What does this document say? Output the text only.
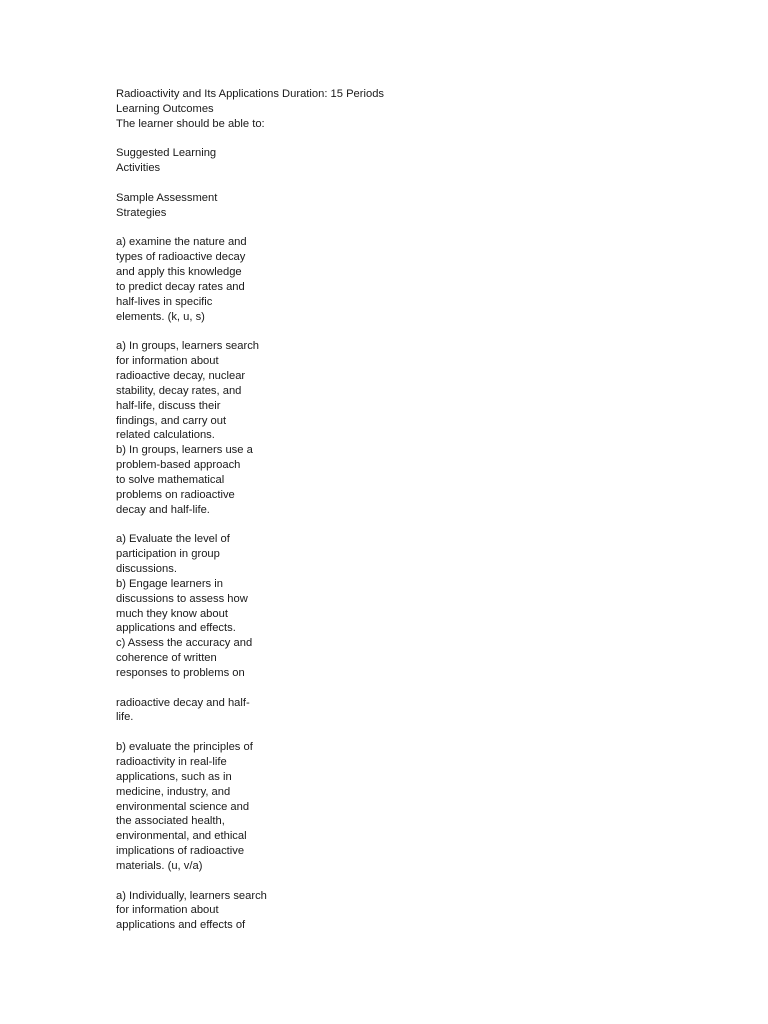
Radioactivity and Its Applications Duration: 15 Periods
Learning Outcomes
The learner should be able to:
Suggested Learning
Activities
Sample Assessment
Strategies
a) examine the nature and
types of radioactive decay
and apply this knowledge
to predict decay rates and
half-lives in specific
elements. (k, u, s)
a) In groups, learners search
for information about
radioactive decay, nuclear
stability, decay rates, and
half-life, discuss their
findings, and carry out
related calculations.
b) In groups, learners use a
problem-based approach
to solve mathematical
problems on radioactive
decay and half-life.
a) Evaluate the level of
participation in group
discussions.
b) Engage learners in
discussions to assess how
much they know about
applications and effects.
c) Assess the accuracy and
coherence of written
responses to problems on
radioactive decay and half-
life.
b) evaluate the principles of
radioactivity in real-life
applications, such as in
medicine, industry, and
environmental science and
the associated health,
environmental, and ethical
implications of radioactive
materials. (u, v/a)
a) Individually, learners search
for information about
applications and effects of
